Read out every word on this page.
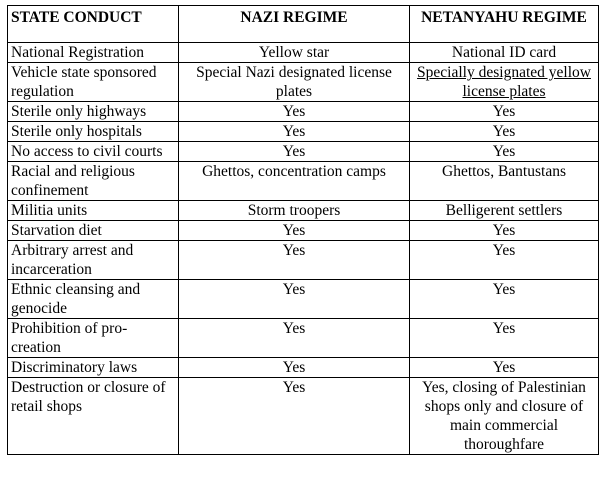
STATE CONDUCT	NAZI REGIME	NETANYAHU REGIME
National Registration	Yellow star	National ID card
Vehicle state sponsored regulation	Special Nazi designated license plates	Specially designated yellow license plates
Sterile only highways	Yes	Yes
Sterile only hospitals	Yes	Yes
No access to civil courts	Yes	Yes
Racial and religious confinement	Ghettos, concentration camps	Ghettos, Bantustans
Militia units	Storm troopers	Belligerent settlers
Starvation diet	Yes	Yes
Arbitrary arrest and incarceration	Yes	Yes
Ethnic cleansing and genocide	Yes	Yes
Prohibition of pro-creation	Yes	Yes
Discriminatory laws	Yes	Yes
Destruction or closure of retail shops	Yes	Yes, closing of Palestinian shops only and closure of main commercial thoroughfare
